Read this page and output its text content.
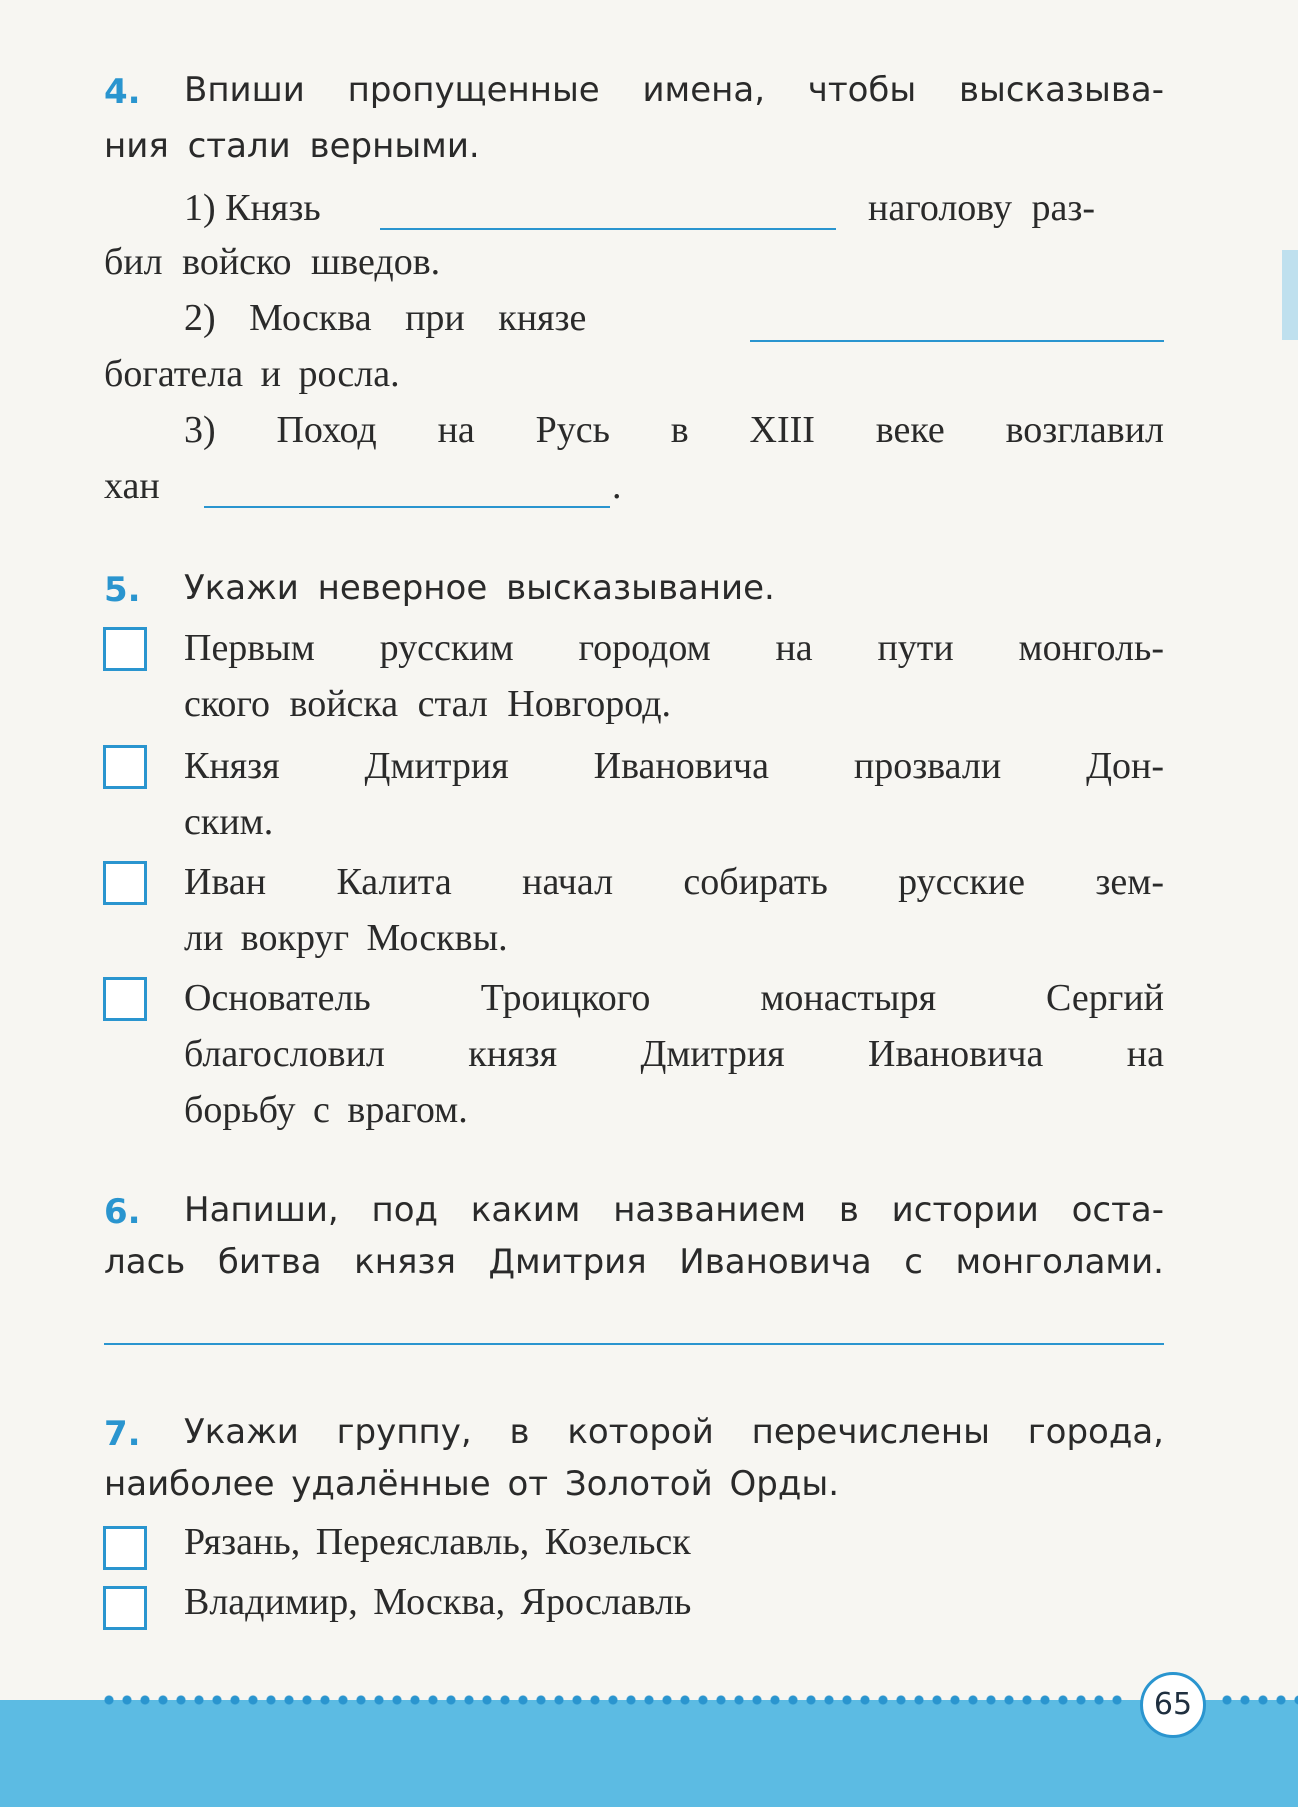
4. Впиши пропущенные имена, чтобы высказыва-
ния стали верными.
1) Князь	наголову раз-
бил войско шведов.
2) Москва при князе
богатела и росла.
3) Поход на Русь в XIII веке возглавил
хан	.
5. Укажи неверное высказывание.
Первым русским городом на пути монголь-
ского войска стал Новгород.
Князя Дмитрия Ивановича прозвали Дон-
ским.
Иван Калита начал собирать русские зем-
ли вокруг Москвы.
Основатель Троицкого монастыря Сергий
благословил князя Дмитрия Ивановича на
борьбу с врагом.
6. Напиши, под каким названием в истории оста-
лась битва князя Дмитрия Ивановича с монголами.
7. Укажи группу, в которой перечислены города,
наиболее удалённые от Золотой Орды.
Рязань, Переяславль, Козельск
Владимир, Москва, Ярославль
65
